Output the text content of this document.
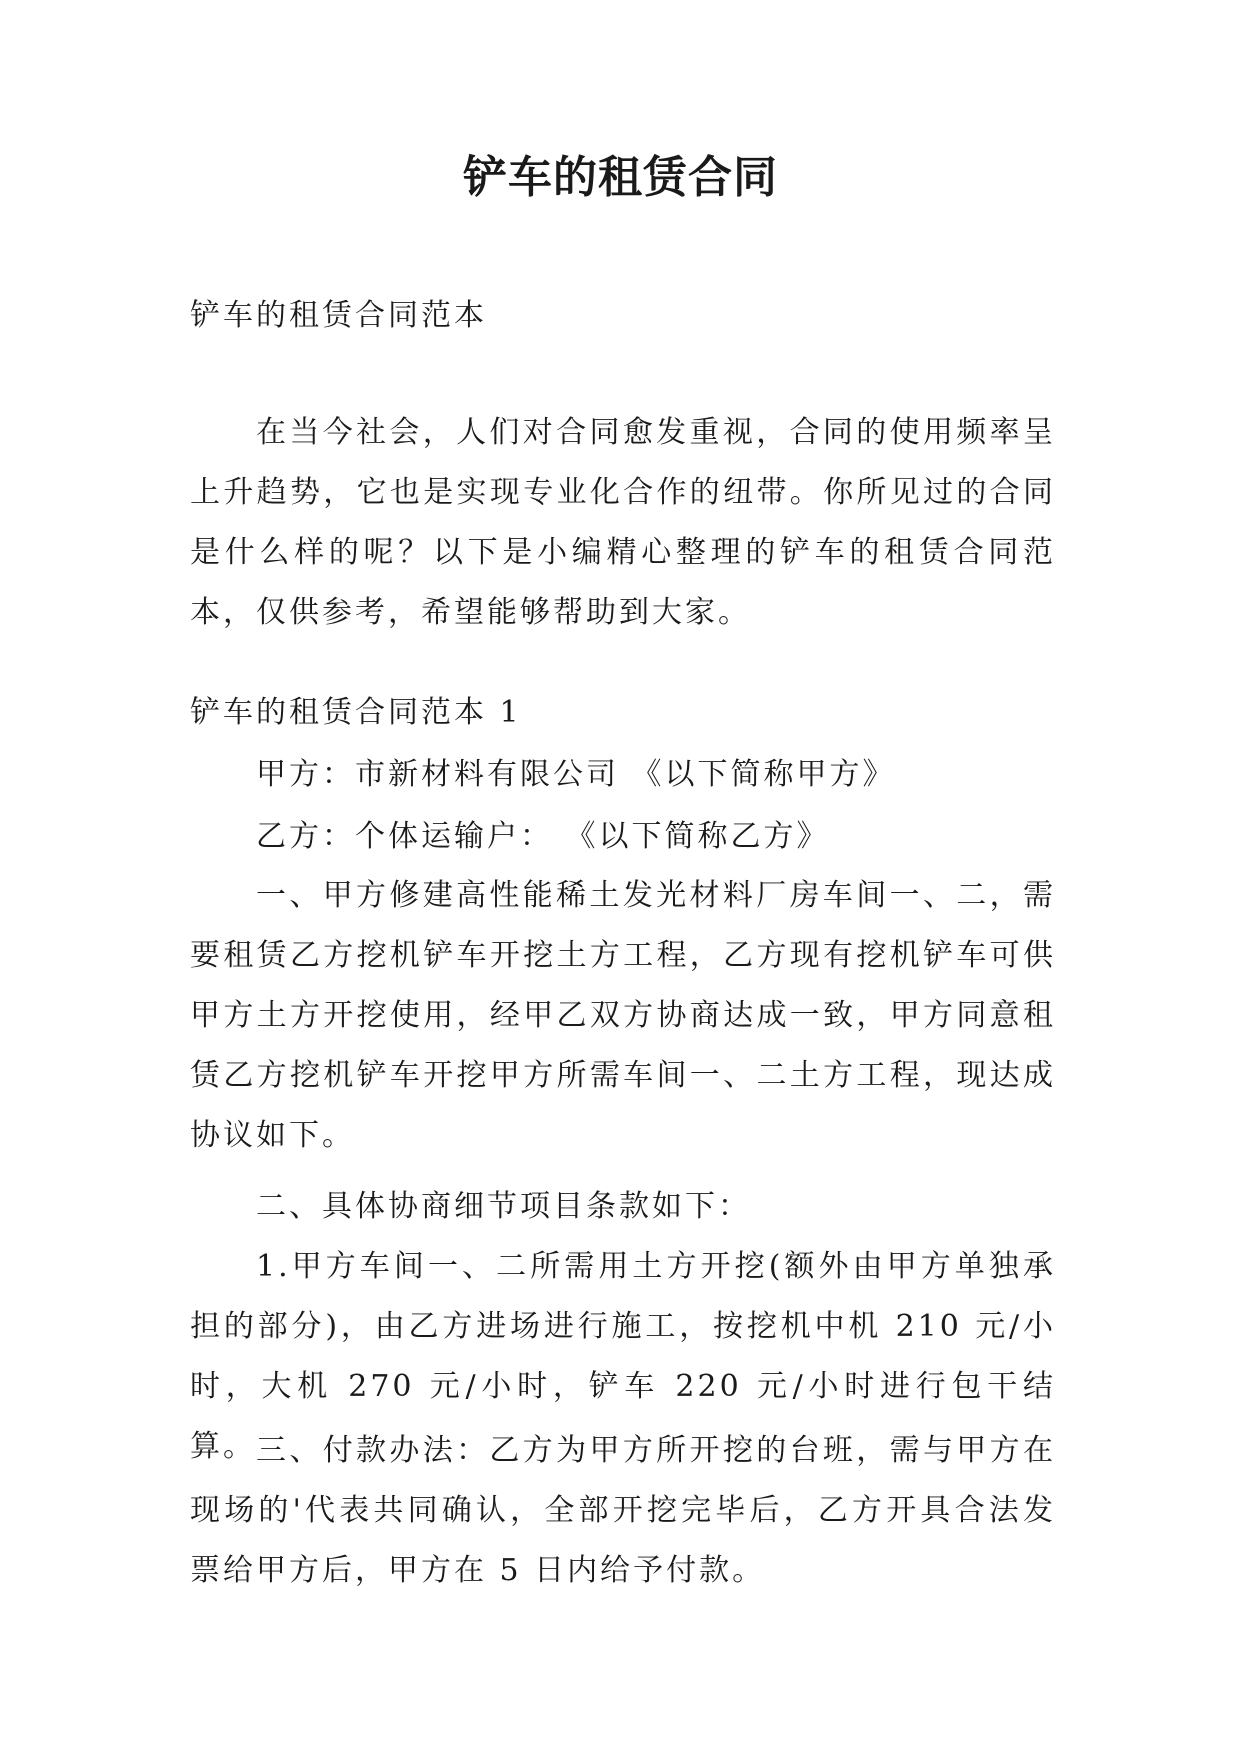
铲车的租赁合同

铲车的租赁合同范本

在当今社会，人们对合同愈发重视，合同的使用频率呈上升趋势，它也是实现专业化合作的纽带。你所见过的合同是什么样的呢？以下是小编精心整理的铲车的租赁合同范本，仅供参考，希望能够帮助到大家。

铲车的租赁合同范本 1

甲方：市新材料有限公司 《以下简称甲方》

乙方：个体运输户： 《以下简称乙方》

一、甲方修建高性能稀土发光材料厂房车间一、二，需要租赁乙方挖机铲车开挖土方工程，乙方现有挖机铲车可供甲方土方开挖使用，经甲乙双方协商达成一致，甲方同意租赁乙方挖机铲车开挖甲方所需车间一、二土方工程，现达成协议如下。

二、具体协商细节项目条款如下：

1.甲方车间一、二所需用土方开挖(额外由甲方单独承担的部分)，由乙方进场进行施工，按挖机中机 210 元/小时，大机 270 元/小时，铲车 220 元/小时进行包干结算。 三、付款办法：乙方为甲方所开挖的台班，需与甲方在现场的'代表共同确认，全部开挖完毕后，乙方开具合法发票给甲方后，甲方在 5 日内给予付款。
